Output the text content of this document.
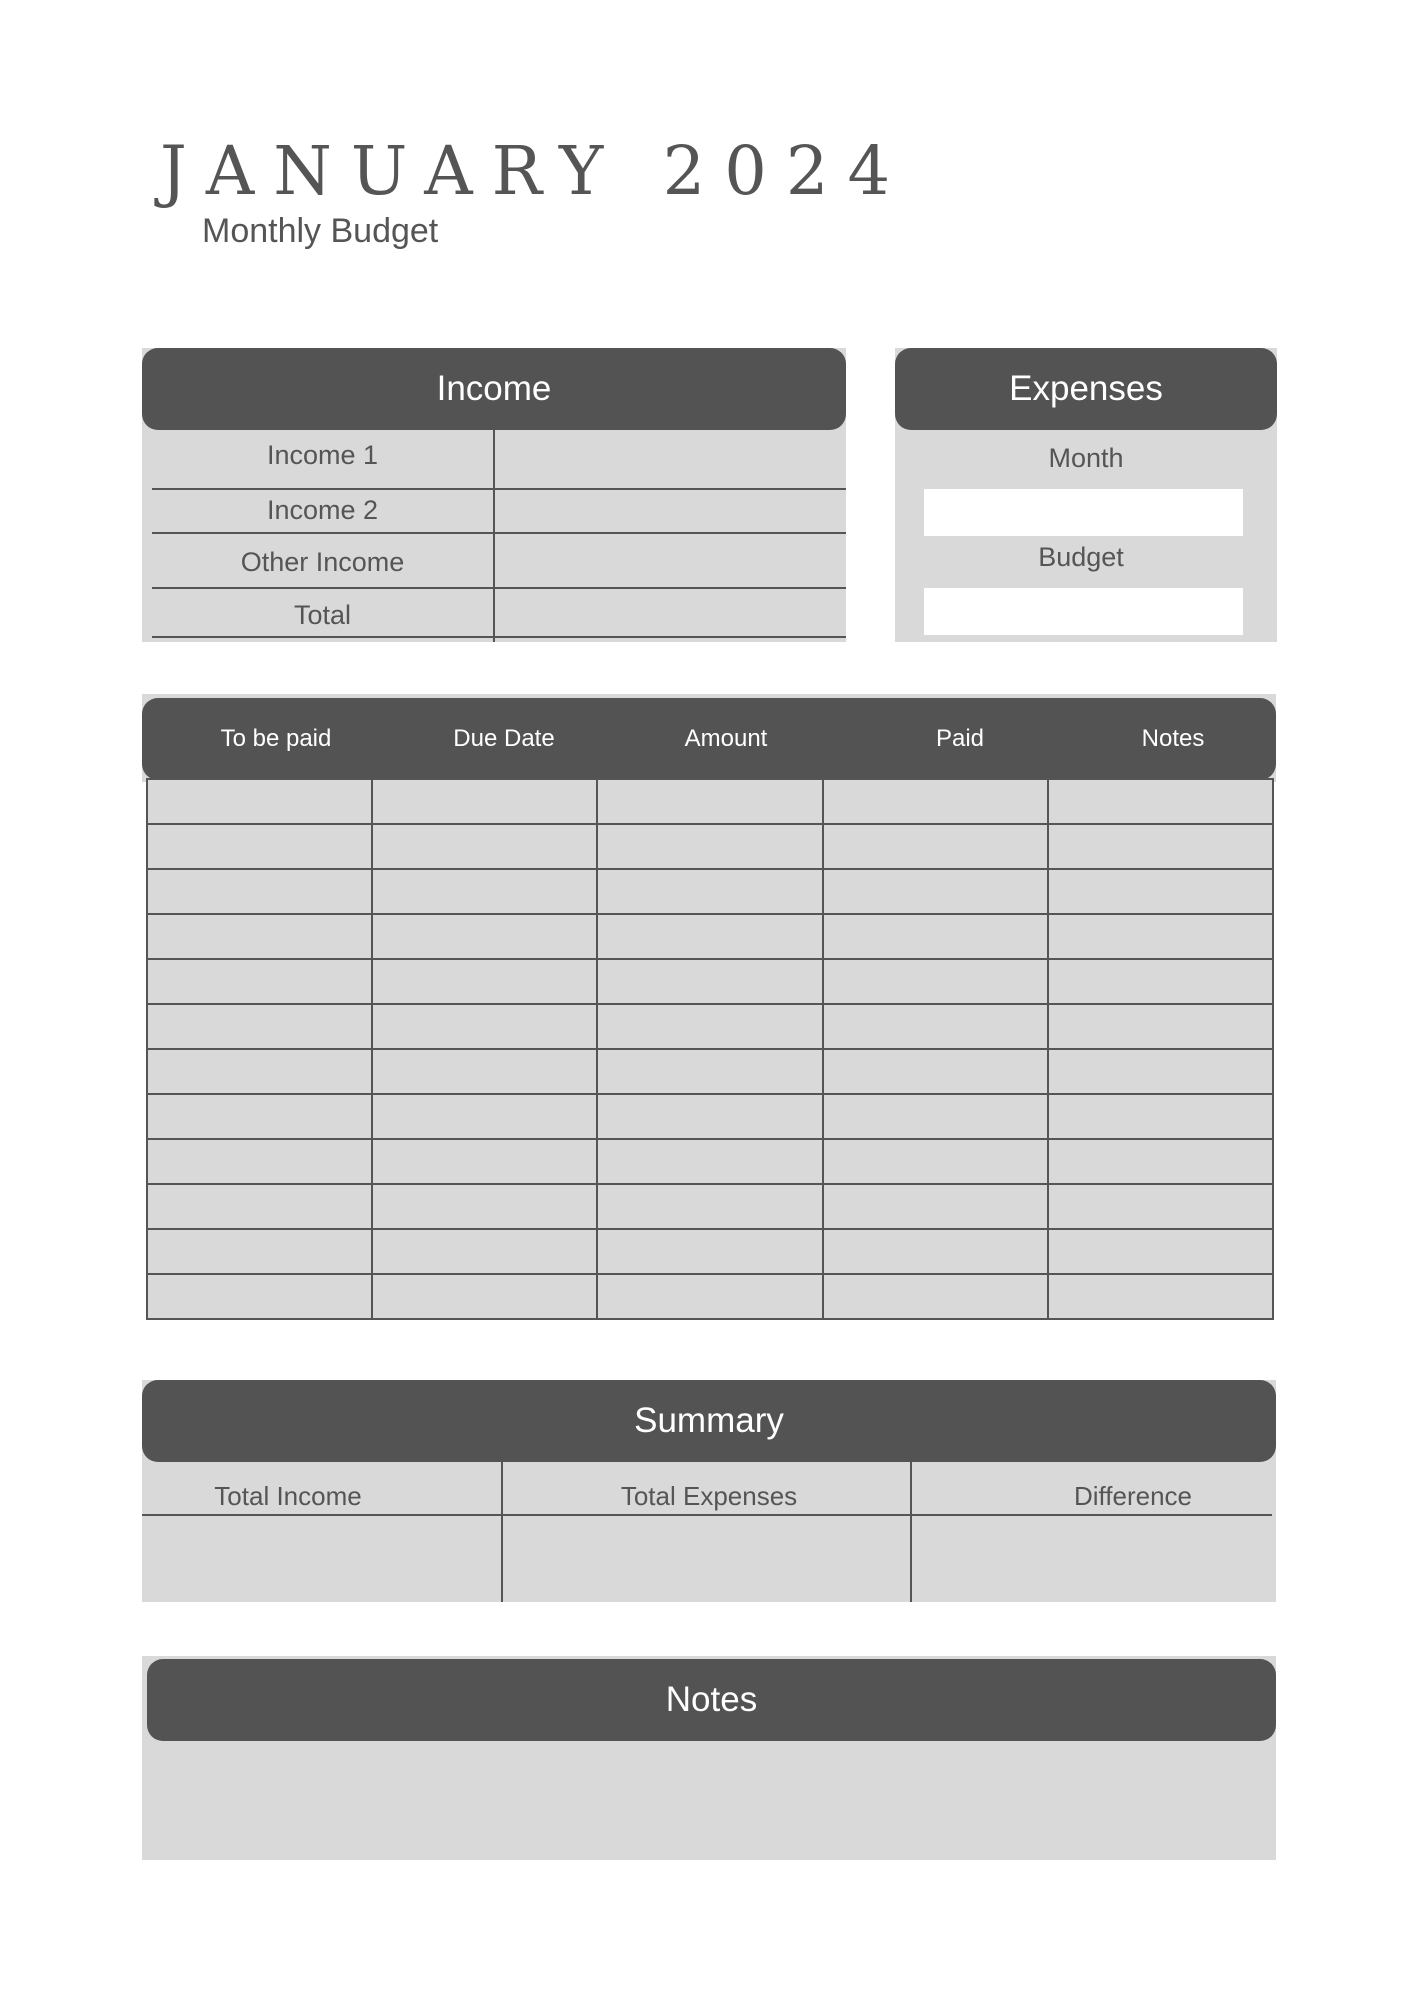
JANUARY 2024
Monthly Budget
Income
Income 1
Income 2
Other Income
Total
Expenses
Month
Budget
To be paid	Due Date	Amount	Paid	Notes

Summary
Total Income	Total Expenses	Difference
Notes
